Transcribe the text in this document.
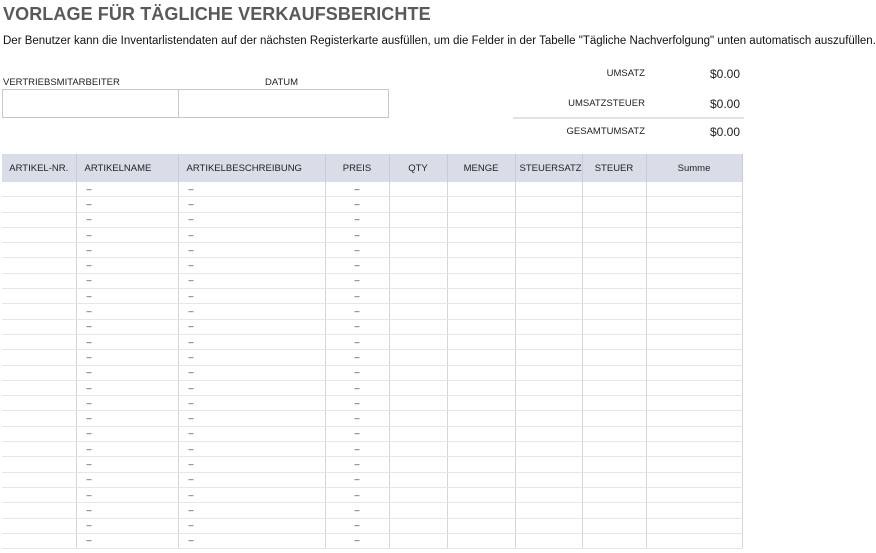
VORLAGE FÜR TÄGLICHE VERKAUFSBERICHTE
Der Benutzer kann die Inventarlistendaten auf der nächsten Registerkarte ausfüllen, um die Felder in der Tabelle "Tägliche Nachverfolgung" unten automatisch auszufüllen.
VERTRIEBSMITARBEITER	DATUM
UMSATZ	$0.00
UMSATZSTEUER	$0.00
GESAMTUMSATZ	$0.00
ARTIKEL-NR.	ARTIKELNAME	ARTIKELBESCHREIBUNG	PREIS	QTY	MENGE	STEUERSATZ	STEUER	Summe
	–	–	–					
	–	–	–					
	–	–	–					
	–	–	–					
	–	–	–					
	–	–	–					
	–	–	–					
	–	–	–					
	–	–	–					
	–	–	–					
	–	–	–					
	–	–	–					
	–	–	–					
	–	–	–					
	–	–	–					
	–	–	–					
	–	–	–					
	–	–	–					
	–	–	–					
	–	–	–					
	–	–	–					
	–	–	–					
	–	–	–					
	–	–	–					
